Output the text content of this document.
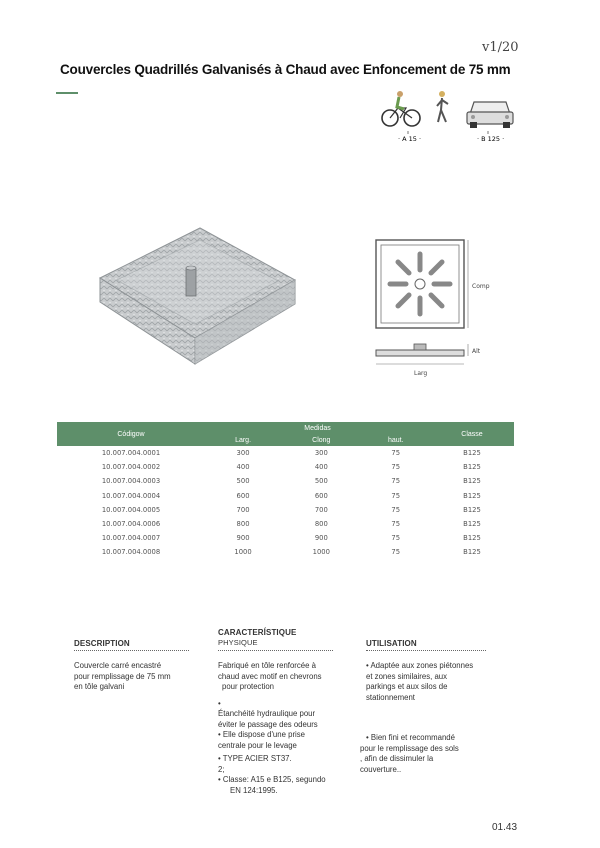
v1/20
Couvercles Quadrillés Galvanisés à Chaud avec Enfoncement de 75 mm
· A 15 ·	· B 125 ·
Comp
Alt
Larg
Códigow	Medidas			Classe
	Larg.	Clong	haut.	
10.007.004.0001	300	300	75	B125
10.007.004.0002	400	400	75	B125
10.007.004.0003	500	500	75	B125
10.007.004.0004	600	600	75	B125
10.007.004.0005	700	700	75	B125
10.007.004.0006	800	800	75	B125
10.007.004.0007	900	900	75	B125
10.007.004.0008	1000	1000	75	B125
DESCRIPTION
Couvercle carré encastré
pour remplissage de 75 mm
en tôle galvani
CARACTERÍSTIQUE
PHYSIQUE
Fabriqué en tôle renforcée à
chaud avec motif en chevrons
pour protection
•
Étanchéité hydraulique pour
éviter le passage des odeurs
• Elle dispose d'une prise
centrale pour le levage
• TYPE ACIER ST37.
2;
• Classe: A15 e B125, segundo
EN 124:1995.
UTILISATION
• Adaptée aux zones piétonnes
et zones similaires, aux
parkings et aux silos de
stationnement
• Bien fini et recommandé
pour le remplissage des sols
, afin de dissimuler la
couverture..
01.43
